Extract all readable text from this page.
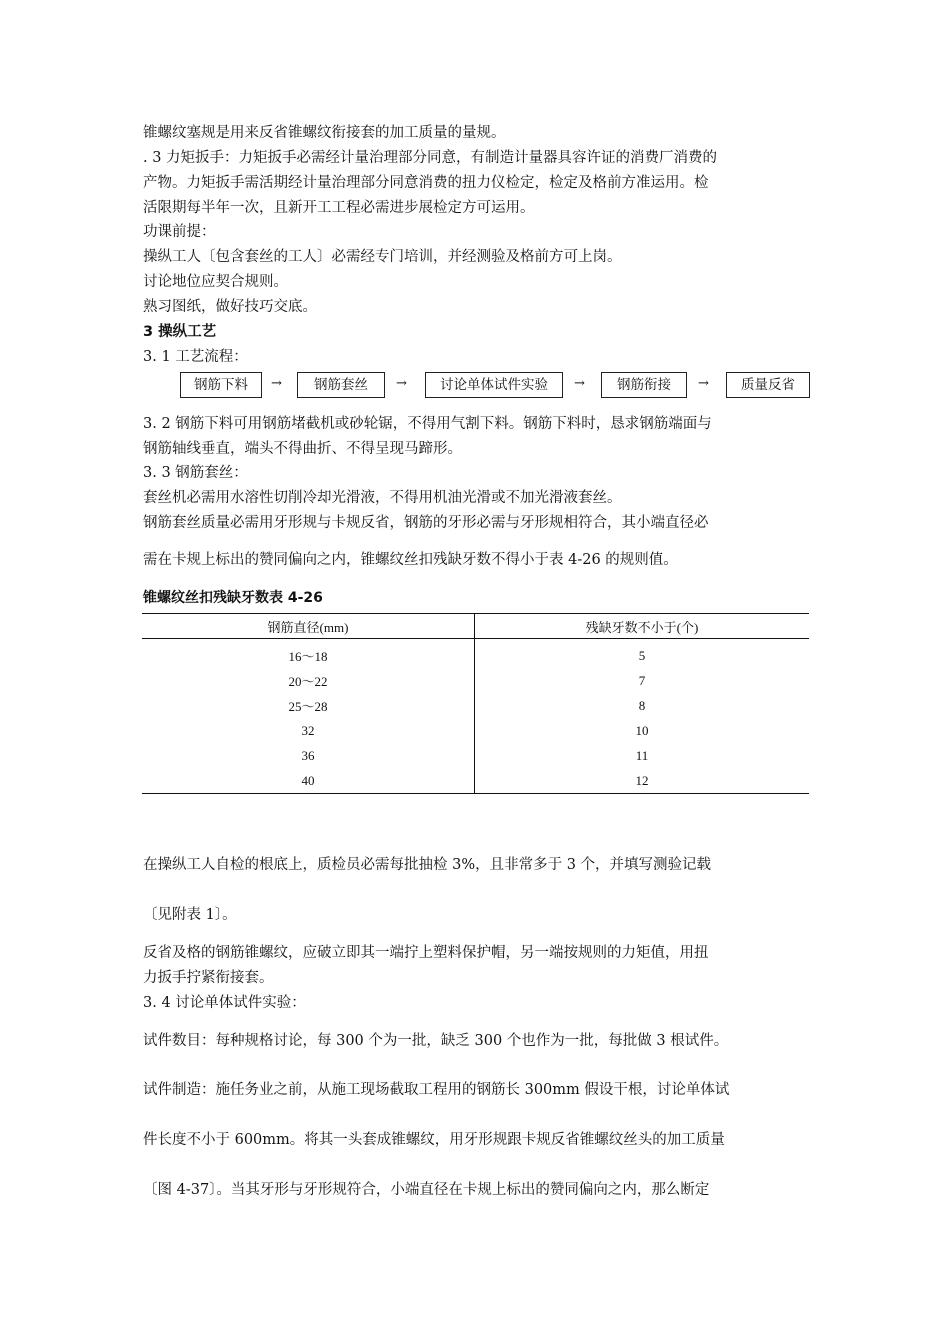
锥螺纹塞规是用来反省锥螺纹衔接套的加工质量的量规。
. 3 力矩扳手：力矩扳手必需经计量治理部分同意，有制造计量器具容许证的消费厂消费的
产物。力矩扳手需活期经计量治理部分同意消费的扭力仪检定，检定及格前方准运用。检
活限期每半年一次，且新开工工程必需进步展检定方可运用。
功课前提：
操纵工人〔包含套丝的工人〕必需经专门培训，并经测验及格前方可上岗。
讨论地位应契合规则。
熟习图纸，做好技巧交底。
3 操纵工艺
3. 1 工艺流程：
钢筋下料	→	钢筋套丝	→	讨论单体试件实验	→	钢筋衔接	→	质量反省
3. 2 钢筋下料可用钢筋堵截机或砂轮锯，不得用气割下料。钢筋下料时，恳求钢筋端面与
钢筋轴线垂直，端头不得曲折、不得呈现马蹄形。
3. 3 钢筋套丝：
套丝机必需用水溶性切削冷却光滑液，不得用机油光滑或不加光滑液套丝。
钢筋套丝质量必需用牙形规与卡规反省，钢筋的牙形必需与牙形规相符合，其小端直径必
需在卡规上标出的赞同偏向之内，锥螺纹丝扣残缺牙数不得小于表 4-26 的规则值。
锥螺纹丝扣残缺牙数表 4-26
钢筋直径(mm)	残缺牙数不小于(个)
16～18	5
20～22	7
25～28	8
32	10
36	11
40	12
在操纵工人自检的根底上，质检员必需每批抽检 3%，且非常多于 3 个，并填写测验记载
〔见附表 1〕。
反省及格的钢筋锥螺纹，应破立即其一端拧上塑料保护帽，另一端按规则的力矩值，用扭
力扳手拧紧衔接套。
3. 4 讨论单体试件实验：
试件数目：每种规格讨论，每 300 个为一批，缺乏 300 个也作为一批，每批做 3 根试件。
试件制造：施任务业之前，从施工现场截取工程用的钢筋长 300mm 假设干根，讨论单体试
件长度不小于 600mm。将其一头套成锥螺纹，用牙形规跟卡规反省锥螺纹丝头的加工质量
〔图 4-37〕。当其牙形与牙形规符合，小端直径在卡规上标出的赞同偏向之内，那么断定
